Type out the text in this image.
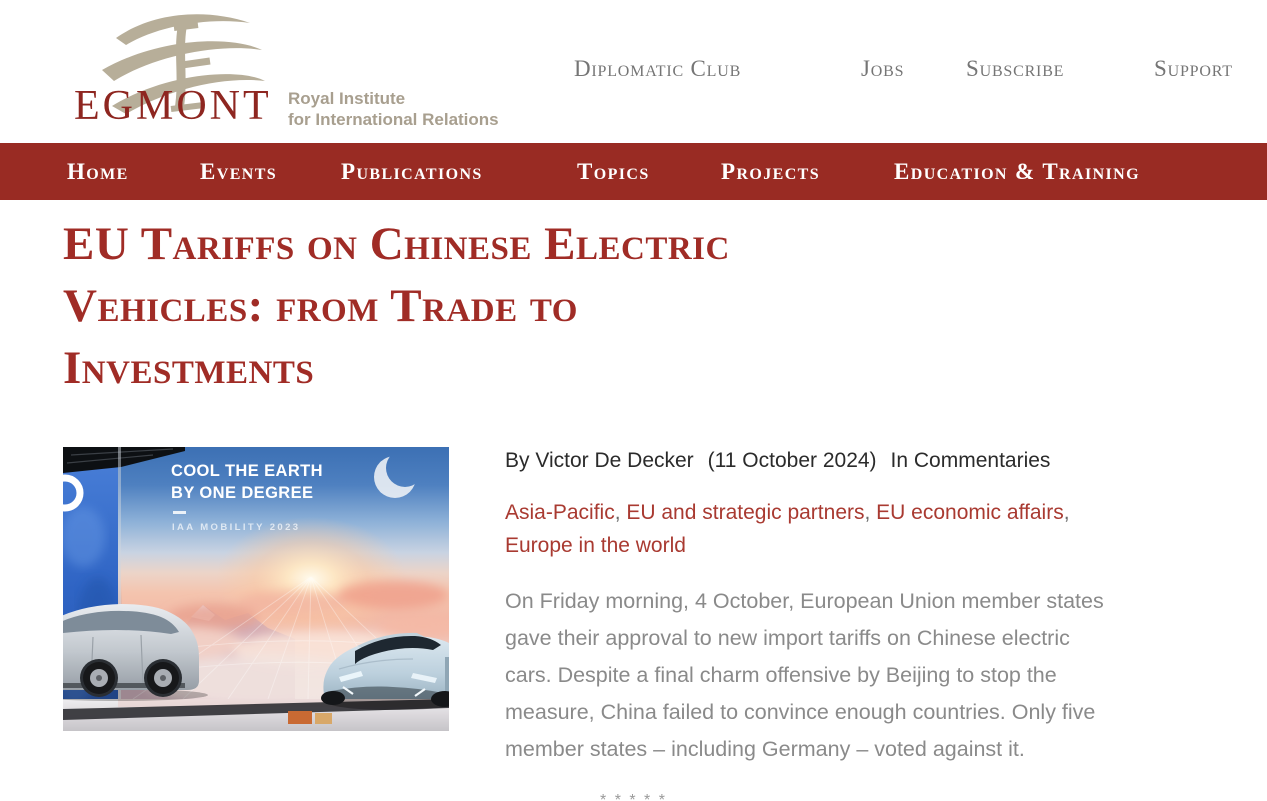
EGMONT Royal Institute
for International Relations
Diplomatic Club	Jobs	Subscribe	Support
Home	Events	Publications	Topics	Projects	Education & Training
EU Tariffs on Chinese Electric
Vehicles: from Trade to
Investments
COOL THE EARTH
BY ONE DEGREE
IAA MOBILITY 2023
By Victor De Decker (11 October 2024) In Commentaries
Asia-Pacific , EU and strategic partners , EU economic affairs ,
Europe in the world
On Friday morning, 4 October, European Union member states
gave their approval to new import tariffs on Chinese electric
cars. Despite a final charm offensive by Beijing to stop the
measure, China failed to convince enough countries. Only five
member states – including Germany – voted against it.
* * * * *
